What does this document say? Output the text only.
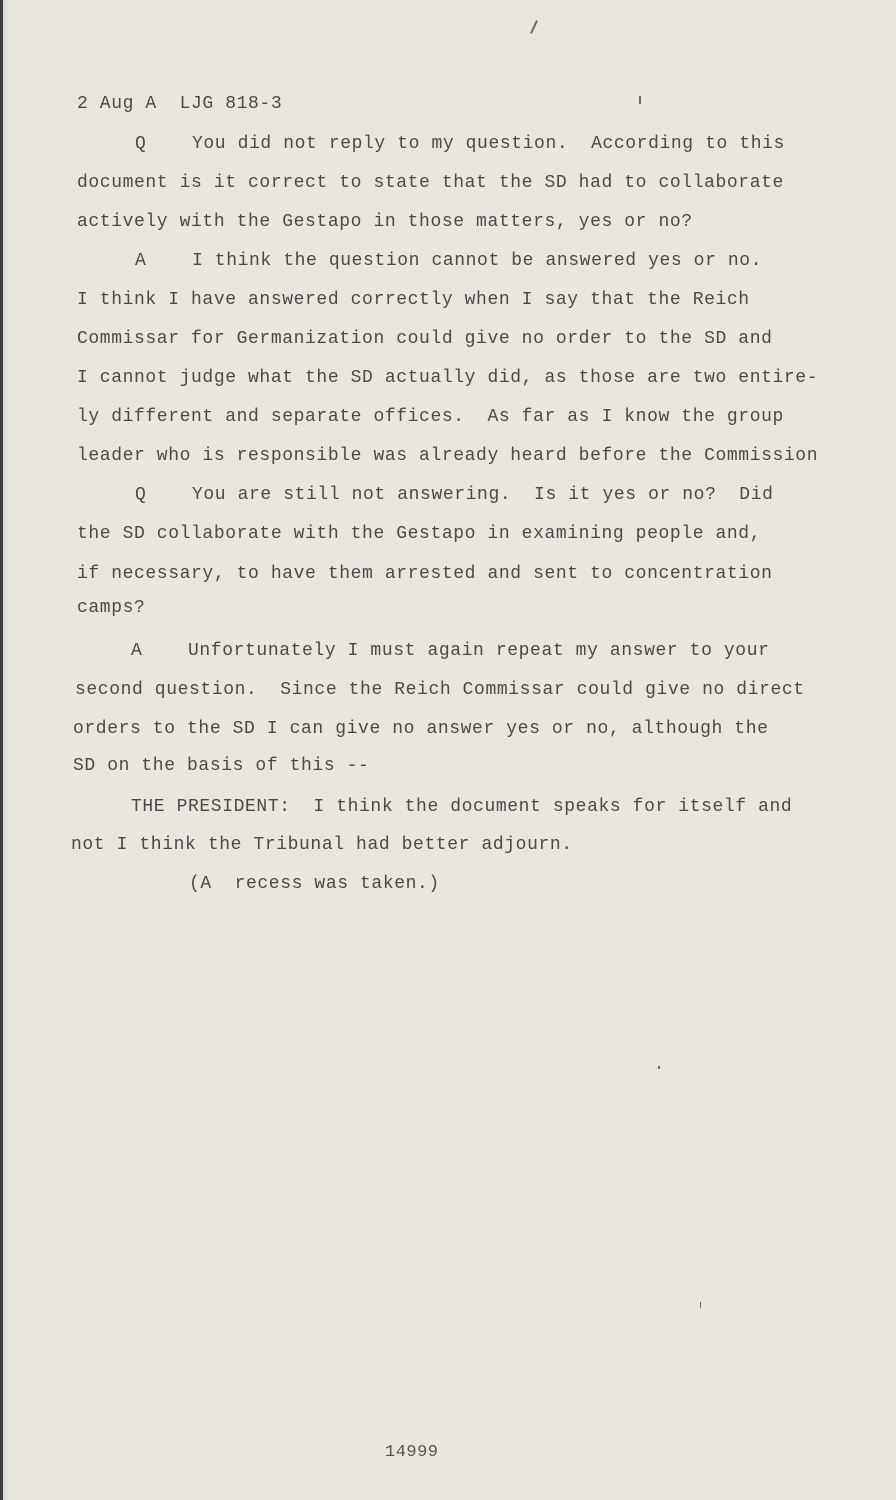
2 Aug A  LJG 818-3

Q    You did not reply to my question.  According to this

document is it correct to state that the SD had to collaborate

actively with the Gestapo in those matters, yes or no?

A    I think the question cannot be answered yes or no.

I think I have answered correctly when I say that the Reich

Commissar for Germanization could give no order to the SD and

I cannot judge what the SD actually did, as those are two entire-

ly different and separate offices.  As far as I know the group

leader who is responsible was already heard before the Commission

Q    You are still not answering.  Is it yes or no?  Did

the SD collaborate with the Gestapo in examining people and,

if necessary, to have them arrested and sent to concentration

camps?

A    Unfortunately I must again repeat my answer to your

second question.  Since the Reich Commissar could give no direct

orders to the SD I can give no answer yes or no, although the

SD on the basis of this --

THE PRESIDENT:  I think the document speaks for itself and

not I think the Tribunal had better adjourn.

(A  recess was taken.)

14999
